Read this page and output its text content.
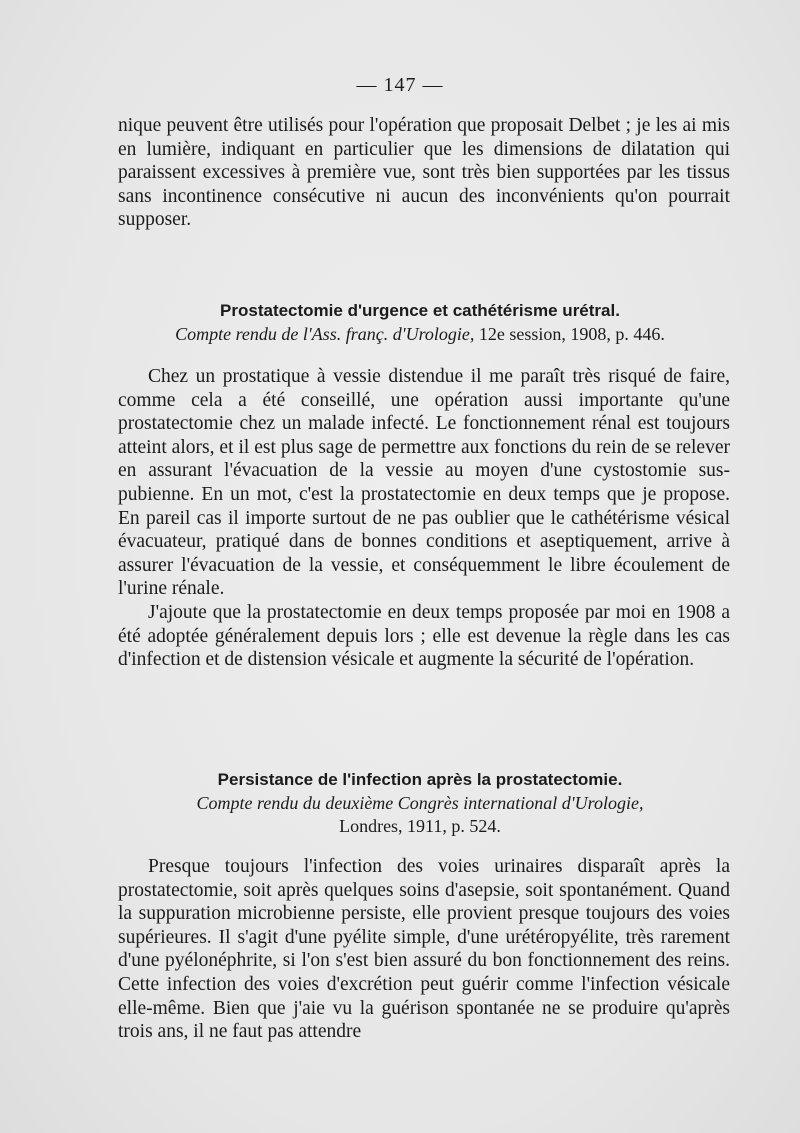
— 147 —

nique peuvent être utilisés pour l'opération que proposait Delbet ; je les ai mis en lumière, indiquant en particulier que les dimensions de dilatation qui paraissent excessives à première vue, sont très bien supportées par les tissus sans incontinence consécutive ni aucun des inconvénients qu'on pourrait supposer.

Prostatectomie d'urgence et cathétérisme urétral.

Compte rendu de l'Ass. franç. d'Urologie, 12e session, 1908, p. 446.

Chez un prostatique à vessie distendue il me paraît très risqué de faire, comme cela a été conseillé, une opération aussi importante qu'une prostatectomie chez un malade infecté. Le fonctionnement rénal est toujours atteint alors, et il est plus sage de permettre aux fonctions du rein de se relever en assurant l'évacuation de la vessie au moyen d'une cystostomie sus-pubienne. En un mot, c'est la prostatectomie en deux temps que je propose. En pareil cas il importe surtout de ne pas oublier que le cathétérisme vésical évacuateur, pratiqué dans de bonnes conditions et aseptiquement, arrive à assurer l'évacuation de la vessie, et conséquemment le libre écoulement de l'urine rénale.

J'ajoute que la prostatectomie en deux temps proposée par moi en 1908 a été adoptée généralement depuis lors ; elle est devenue la règle dans les cas d'infection et de distension vésicale et augmente la sécurité de l'opération.

Persistance de l'infection après la prostatectomie.

Compte rendu du deuxième Congrès international d'Urologie,

Londres, 1911, p. 524.

Presque toujours l'infection des voies urinaires disparaît après la prostatectomie, soit après quelques soins d'asepsie, soit spontanément. Quand la suppuration microbienne persiste, elle provient presque toujours des voies supérieures. Il s'agit d'une pyélite simple, d'une urétéropyélite, très rarement d'une pyélonéphrite, si l'on s'est bien assuré du bon fonctionnement des reins. Cette infection des voies d'excrétion peut guérir comme l'infection vésicale elle-même. Bien que j'aie vu la guérison spontanée ne se produire qu'après trois ans, il ne faut pas attendre
